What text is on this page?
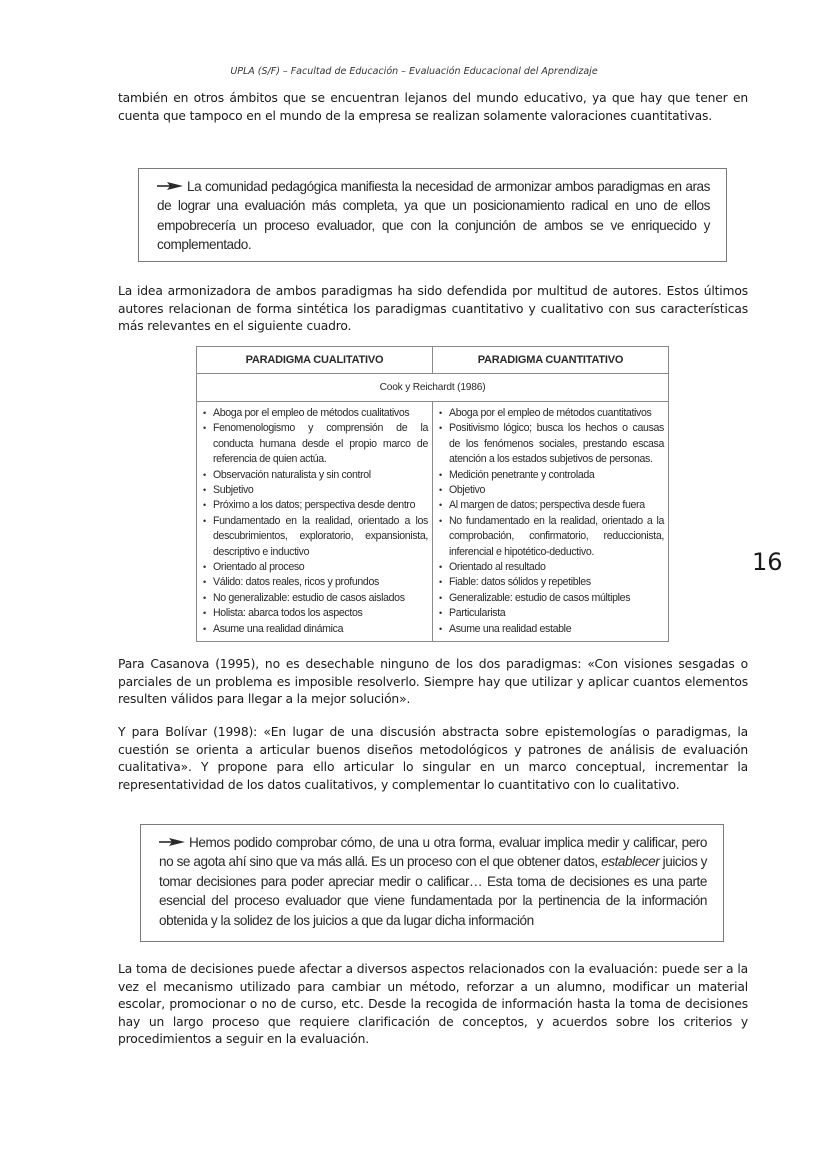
UPLA (S/F) – Facultad de Educación – Evaluación Educacional del Aprendizaje

también en otros ámbitos que se encuentran lejanos del mundo educativo, ya que hay que tener en cuenta que tampoco en el mundo de la empresa se realizan solamente valoraciones cuantitativas.

La comunidad pedagógica manifiesta la necesidad de armonizar ambos paradigmas en aras de lograr una evaluación más completa, ya que un posicionamiento radical en uno de ellos empobrecería un proceso evaluador, que con la conjunción de ambos se ve enriquecido y complementado.

La idea armonizadora de ambos paradigmas ha sido defendida por multitud de autores. Estos últimos autores relacionan de forma sintética los paradigmas cuantitativo y cualitativo con sus características más relevantes en el siguiente cuadro.

PARADIGMA CUALITATIVO	PARADIGMA CUANTITATIVO
Cook y Reichardt (1986)	

• Aboga por el empleo de métodos cualitativos
• Fenomenologismo y comprensión de la conducta humana desde el propio marco de referencia de quien actúa.
• Observación naturalista y sin control
• Subjetivo
• Próximo a los datos; perspectiva desde dentro
• Fundamentado en la realidad, orientado a los descubrimientos, exploratorio, expansionista, descriptivo e inductivo
• Orientado al proceso
• Válido: datos reales, ricos y profundos
• No generalizable: estudio de casos aislados
• Holista: abarca todos los aspectos
• Asume una realidad dinámica

• Aboga por el empleo de métodos cuantitativos
• Positivismo lógico; busca los hechos o causas de los fenómenos sociales, prestando escasa atención a los estados subjetivos de personas.
• Medición penetrante y controlada
• Objetivo
• Al margen de datos; perspectiva desde fuera
• No fundamentado en la realidad, orientado a la comprobación, confirmatorio, reduccionista, inferencial e hipotético-deductivo.
• Orientado al resultado
• Fiable: datos sólidos y repetibles
• Generalizable: estudio de casos múltiples
• Particularista
• Asume una realidad estable
16

Para Casanova (1995), no es desechable ninguno de los dos paradigmas: «Con visiones sesgadas o parciales de un problema es imposible resolverlo. Siempre hay que utilizar y aplicar cuantos elementos resulten válidos para llegar a la mejor solución».

Y para Bolívar (1998): «En lugar de una discusión abstracta sobre epistemologías o paradigmas, la cuestión se orienta a articular buenos diseños metodológicos y patrones de análisis de evaluación cualitativa». Y propone para ello articular lo singular en un marco conceptual, incrementar la representatividad de los datos cualitativos, y complementar lo cuantitativo con lo cualitativo.

Hemos podido comprobar cómo, de una u otra forma, evaluar implica medir y calificar, pero no se agota ahí sino que va más allá. Es un proceso con el que obtener datos, establecer juicios y tomar decisiones para poder apreciar medir o calificar… Esta toma de decisiones es una parte esencial del proceso evaluador que viene fundamentada por la pertinencia de la información obtenida y la solidez de los juicios a que da lugar dicha información

La toma de decisiones puede afectar a diversos aspectos relacionados con la evaluación: puede ser a la vez el mecanismo utilizado para cambiar un método, reforzar a un alumno, modificar un material escolar, promocionar o no de curso, etc. Desde la recogida de información hasta la toma de decisiones hay un largo proceso que requiere clarificación de conceptos, y acuerdos sobre los criterios y procedimientos a seguir en la evaluación.
